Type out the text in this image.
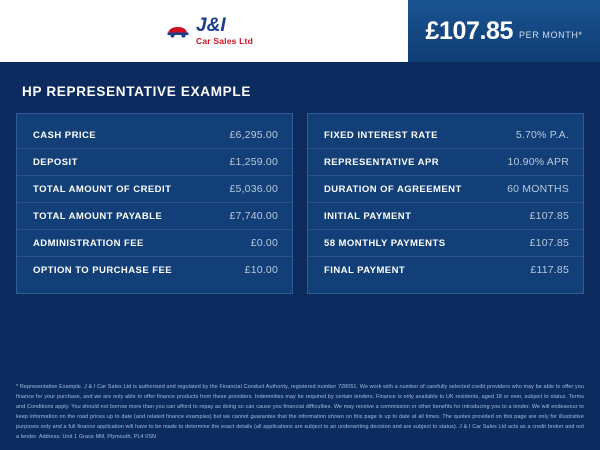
J&I
Car Sales Ltd	£107.85 PER MONTH*
HP REPRESENTATIVE EXAMPLE
CASH PRICE	£6,295.00
DEPOSIT	£1,259.00
TOTAL AMOUNT OF CREDIT	£5,036.00
TOTAL AMOUNT PAYABLE	£7,740.00
ADMINISTRATION FEE	£0.00
OPTION TO PURCHASE FEE	£10.00
FIXED INTEREST RATE	5.70% P.A.
REPRESENTATIVE APR	10.90% APR
DURATION OF AGREEMENT	60 MONTHS
INITIAL PAYMENT	£107.85
58 MONTHLY PAYMENTS	£107.85
FINAL PAYMENT	£117.85
* Representative Example. J & I Car Sales Ltd is authorised and regulated by the Financial Conduct Authority, registered number 728051. We work with a number of carefully selected credit providers who may be able to offer you finance for your purchase, and we are only able to offer finance products from these providers. Indemnities may be required by certain lenders. Finance is only available to UK residents, aged 18 or over, subject to status. Terms and Conditions apply. You should not borrow more than you can afford to repay as doing so can cause you financial difficulties. We may receive a commission or other benefits for introducing you to a lender. We will endeavour to keep information on the road prices up to date (and related finance examples) but we cannot guarantee that the information shown on this page is up to date at all times. The quotes provided on this page are only for illustrative purposes only and a full finance application will have to be made to determine the exact details (all applications are subject to an underwriting decision and are subject to status). J & I Car Sales Ltd acts as a credit broker and not a lender. Address: Unit 1 Grace Mill, Plymouth, PL4 0SN
